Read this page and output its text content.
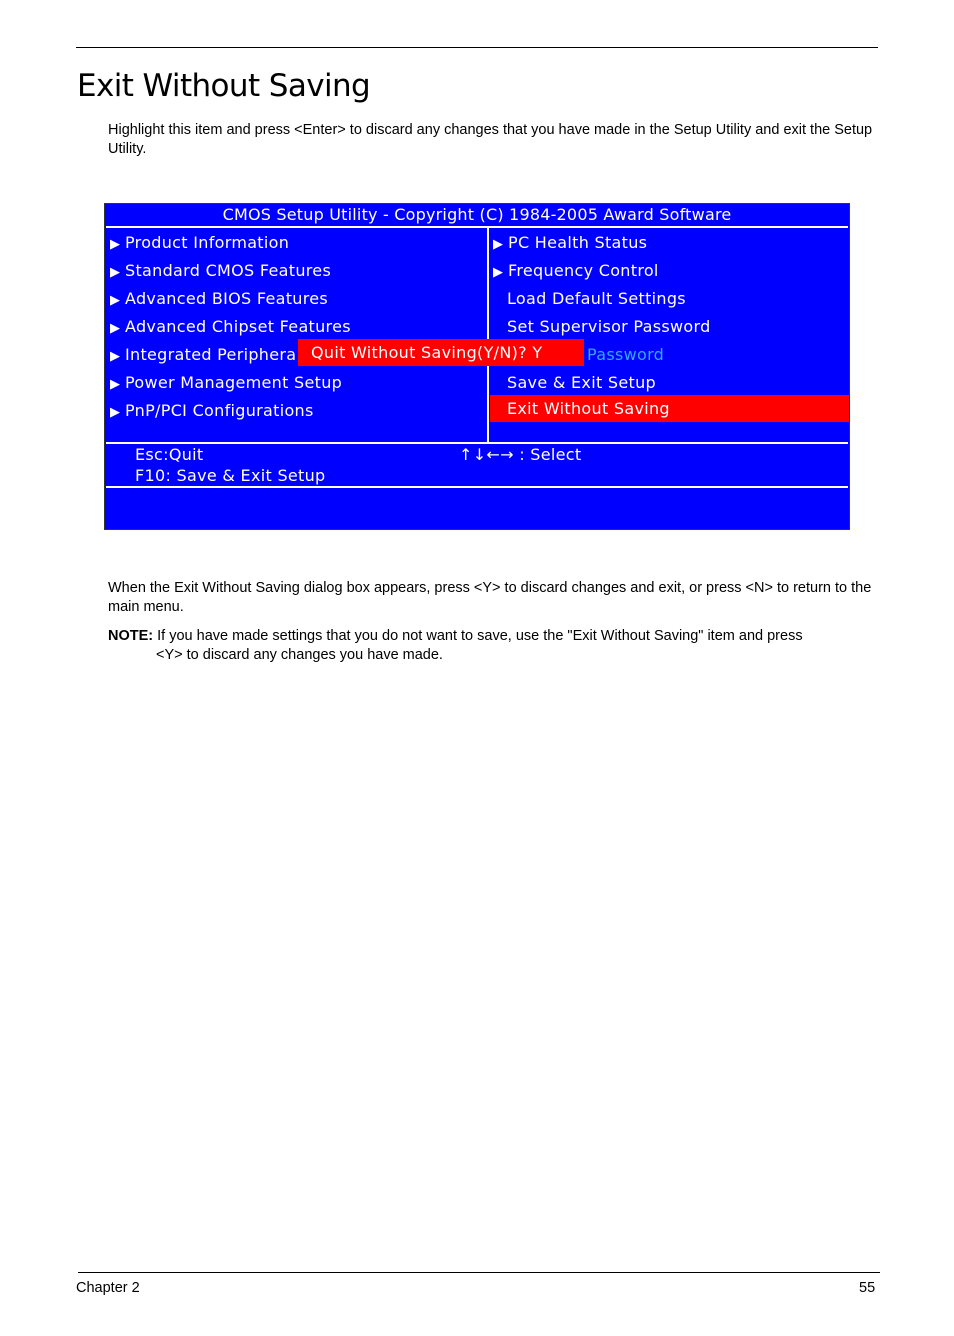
Exit Without Saving

Highlight this item and press <Enter> to discard any changes that you have made in the Setup Utility and exit the Setup Utility.

CMOS Setup Utility - Copyright (C) 1984-2005 Award Software
▶ Product Information
▶ Standard CMOS Features
▶ Advanced BIOS Features
▶ Advanced Chipset Features
▶ Integrated Periphera
▶ Power Management Setup
▶ PnP/PCI Configurations
▶ PC Health Status
▶ Frequency Control
Load Default Settings
Set Supervisor Password
Password
Save & Exit Setup
Exit Without Saving
Quit Without Saving(Y/N)? Y
Esc:Quit	↑↓←→ : Select
F10: Save & Exit Setup

When the Exit Without Saving dialog box appears, press <Y> to discard changes and exit, or press <N> to return to the main menu.

NOTE: If you have made settings that you do not want to save, use the "Exit Without Saving" item and press
<Y> to discard any changes you have made.

Chapter 2	55
